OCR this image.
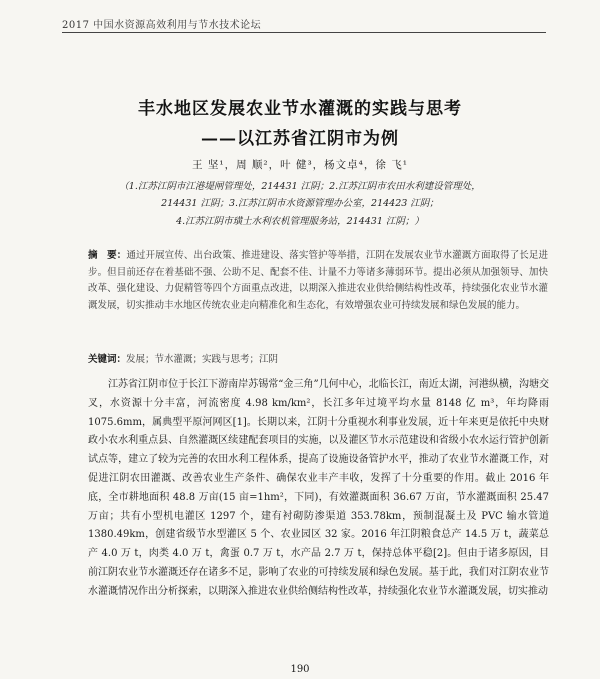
2017 中国水资源高效利用与节水技术论坛
丰水地区发展农业节水灌溉的实践与思考
——以江苏省江阴市为例
王 坚¹，周 顺²，叶 健³，杨文卓⁴，徐 飞¹
（1.江苏江阴市江港堤闸管理处，214431 江阴；2.江苏江阴市农田水利建设管理处，
214431 江阴；3.江苏江阴市水资源管理办公室，214423 江阴；
4.江苏江阴市璜土水利农机管理服务站，214431 江阴；）
摘　要：通过开展宣传、出台政策、推进建设、落实管护等举措，江阴在发展农业节水灌溉方面取得了长足进步。但目前还存在着基础不强、公助不足、配套不佳、计量不力等诸多薄弱环节。提出必须从加强领导、加快改革、强化建设、力促精管等四个方面重点改进，以期深入推进农业供给侧结构性改革，持续强化农业节水灌溉发展，切实推动丰水地区传统农业走向精准化和生态化，有效增强农业可持续发展和绿色发展的能力。
关键词：发展；节水灌溉；实践与思考；江阴
江苏省江阴市位于长江下游南岸苏锡常“金三角”几何中心，北临长江，南近太湖，河港纵横，沟塘交叉，水资源十分丰富，河流密度 4.98 km/km²，长江多年过境平均水量 8148 亿 m³，年均降雨 1075.6mm，属典型平原河网区[1]。长期以来，江阴十分重视水利事业发展，近十年来更是依托中央财政小农水利重点县、自然灌溉区续建配套项目的实施，以及灌区节水示范建设和省级小农水运行管护创新试点等，建立了较为完善的农田水利工程体系，提高了设施设备管护水平，推动了农业节水灌溉工作，对促进江阴农田灌溉、改善农业生产条件、确保农业丰产丰收，发挥了十分重要的作用。截止 2016 年底，全市耕地面积 48.8 万亩(15 亩=1hm²，下同)，有效灌溉面积 36.67 万亩，节水灌溉面积 25.47 万亩；共有小型机电灌区 1297 个，建有衬砌防渗渠道 353.78km，预制混凝土及 PVC 输水管道 1380.49km，创建省级节水型灌区 5 个、农业园区 32 家。2016 年江阴粮食总产 14.5 万 t，蔬菜总产 4.0 万 t，肉类 4.0 万 t，禽蛋 0.7 万 t，水产品 2.7 万 t，保持总体平稳[2]。但由于诸多原因，目前江阴农业节水灌溉还存在诸多不足，影响了农业的可持续发展和绿色发展。基于此，我们对江阴农业节水灌溉情况作出分析探索，以期深入推进农业供给侧结构性改革，持续强化农业节水灌溉发展，切实推动
190
